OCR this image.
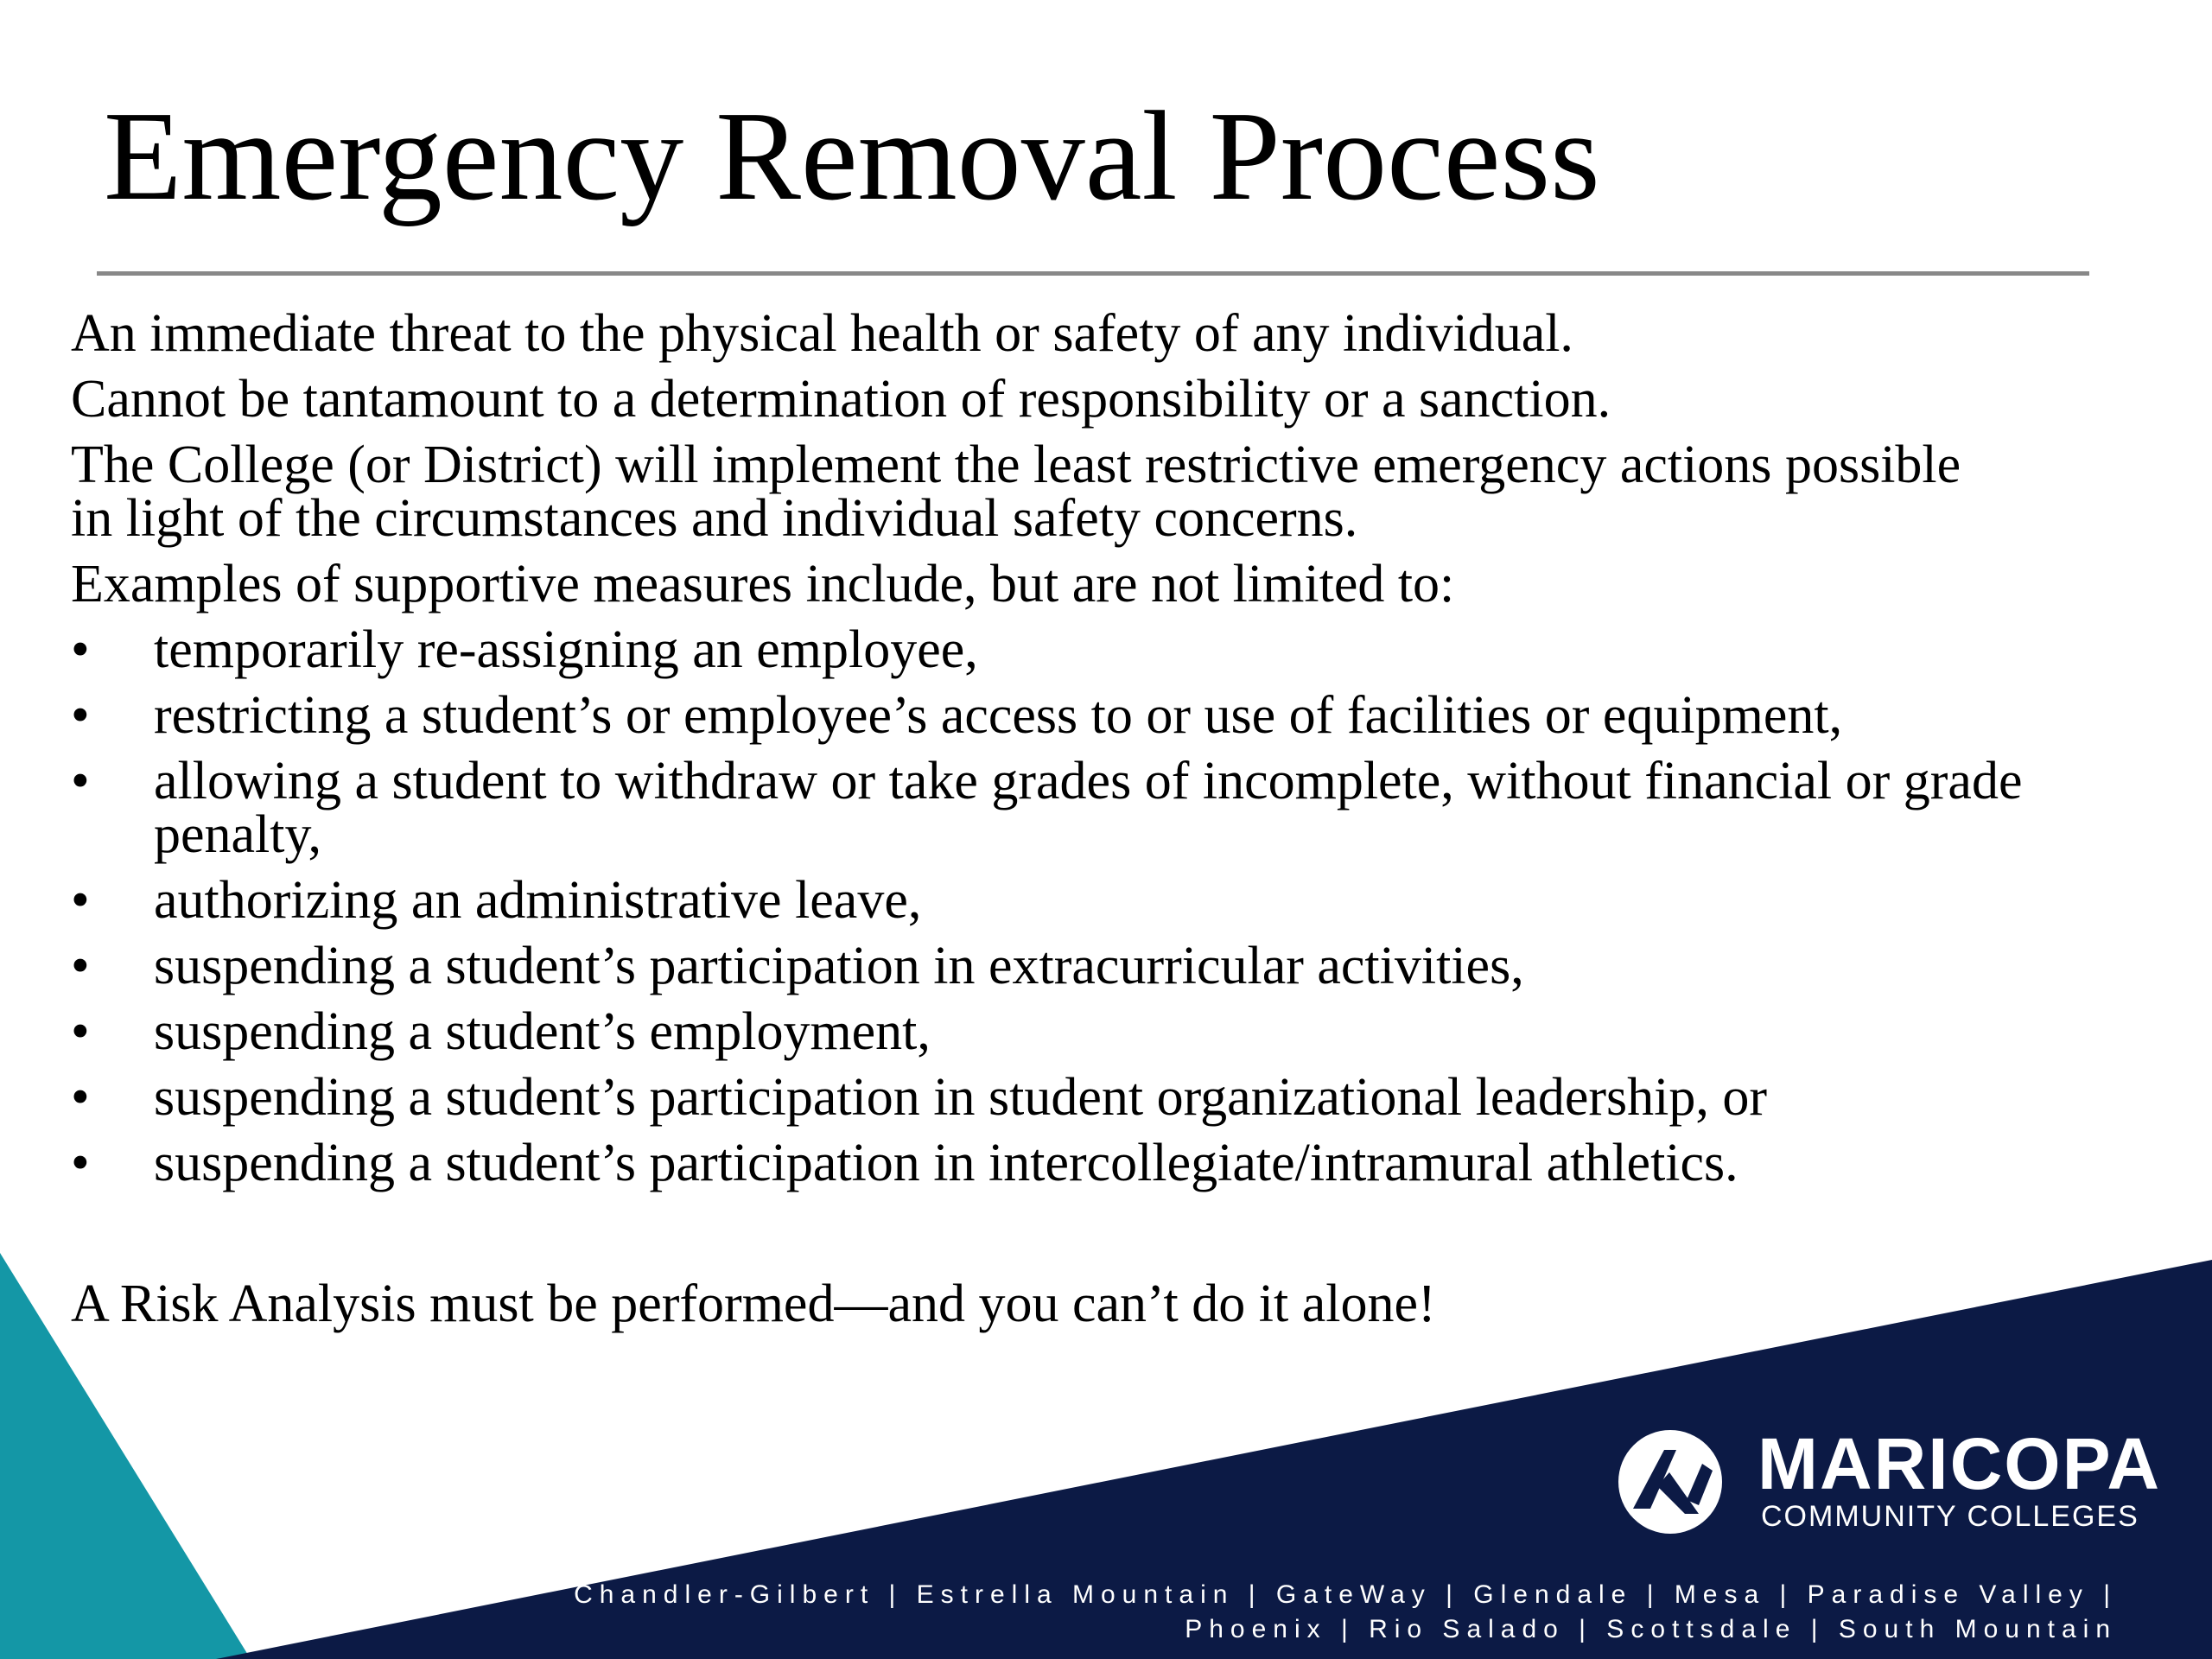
Emergency Removal Process

An immediate threat to the physical health or safety of any individual.

Cannot be tantamount to a determination of responsibility or a sanction.

The College (or District) will implement the least restrictive emergency actions possible in light of the circumstances and individual safety concerns.

Examples of supportive measures include, but are not limited to:

• temporarily re-assigning an employee,
• restricting a student’s or employee’s access to or use of facilities or equipment,
• allowing a student to withdraw or take grades of incomplete, without financial or grade penalty,
• authorizing an administrative leave,
• suspending a student’s participation in extracurricular activities,
• suspending a student’s employment,
• suspending a student’s participation in student organizational leadership, or
• suspending a student’s participation in intercollegiate/intramural athletics.
A Risk Analysis must be performed—and you can’t do it alone!
MARICOPA
COMMUNITY COLLEGES
Chandler-Gilbert | Estrella Mountain | GateWay | Glendale | Mesa | Paradise Valley |
Phoenix | Rio Salado | Scottsdale | South Mountain
